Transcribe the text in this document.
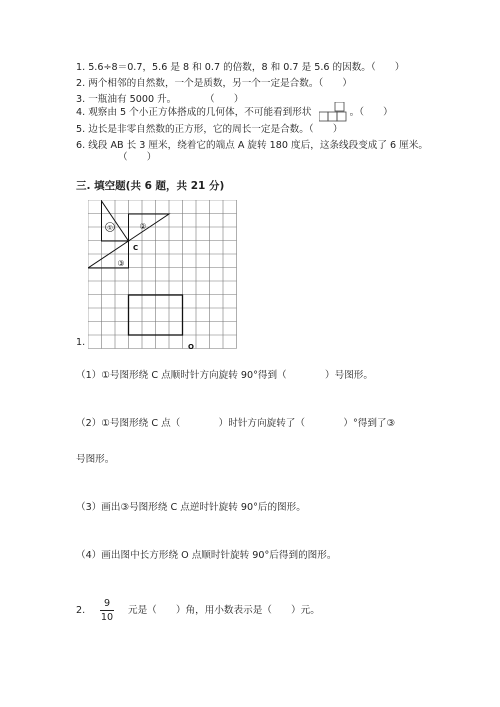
1. 5.6÷8＝0.7，5.6 是 8 和 0.7 的倍数，8 和 0.7 是 5.6 的因数。（　　）
2. 两个相邻的自然数，一个是质数，另一个一定是合数。（　　）
3. 一瓶油有 5000 升。　　　　（　　）
4. 观察由 5 个小正方体搭成的几何体，不可能看到形状	。（　　）
5. 边长是非零自然数的正方形，它的周长一定是合数。（　　）
6. 线段 AB 长 3 厘米，绕着它的端点 A 旋转 180 度后，这条线段变成了 6 厘米。
（　　）
三. 填空题(共 6 题，共 21 分)
①	②
③
C
O
1.
（1）①号图形绕 C 点顺时针方向旋转 90°得到（　　　　）号图形。
（2）①号图形绕 C 点（　　　　）时针方向旋转了（　　　　）°得到了③
号图形。
（3）画出③号图形绕 C 点逆时针旋转 90°后的图形。
（4）画出图中长方形绕 O 点顺时针旋转 90°后得到的图形。
2.
9
10
元是（　　）角，用小数表示是（　　）元。
